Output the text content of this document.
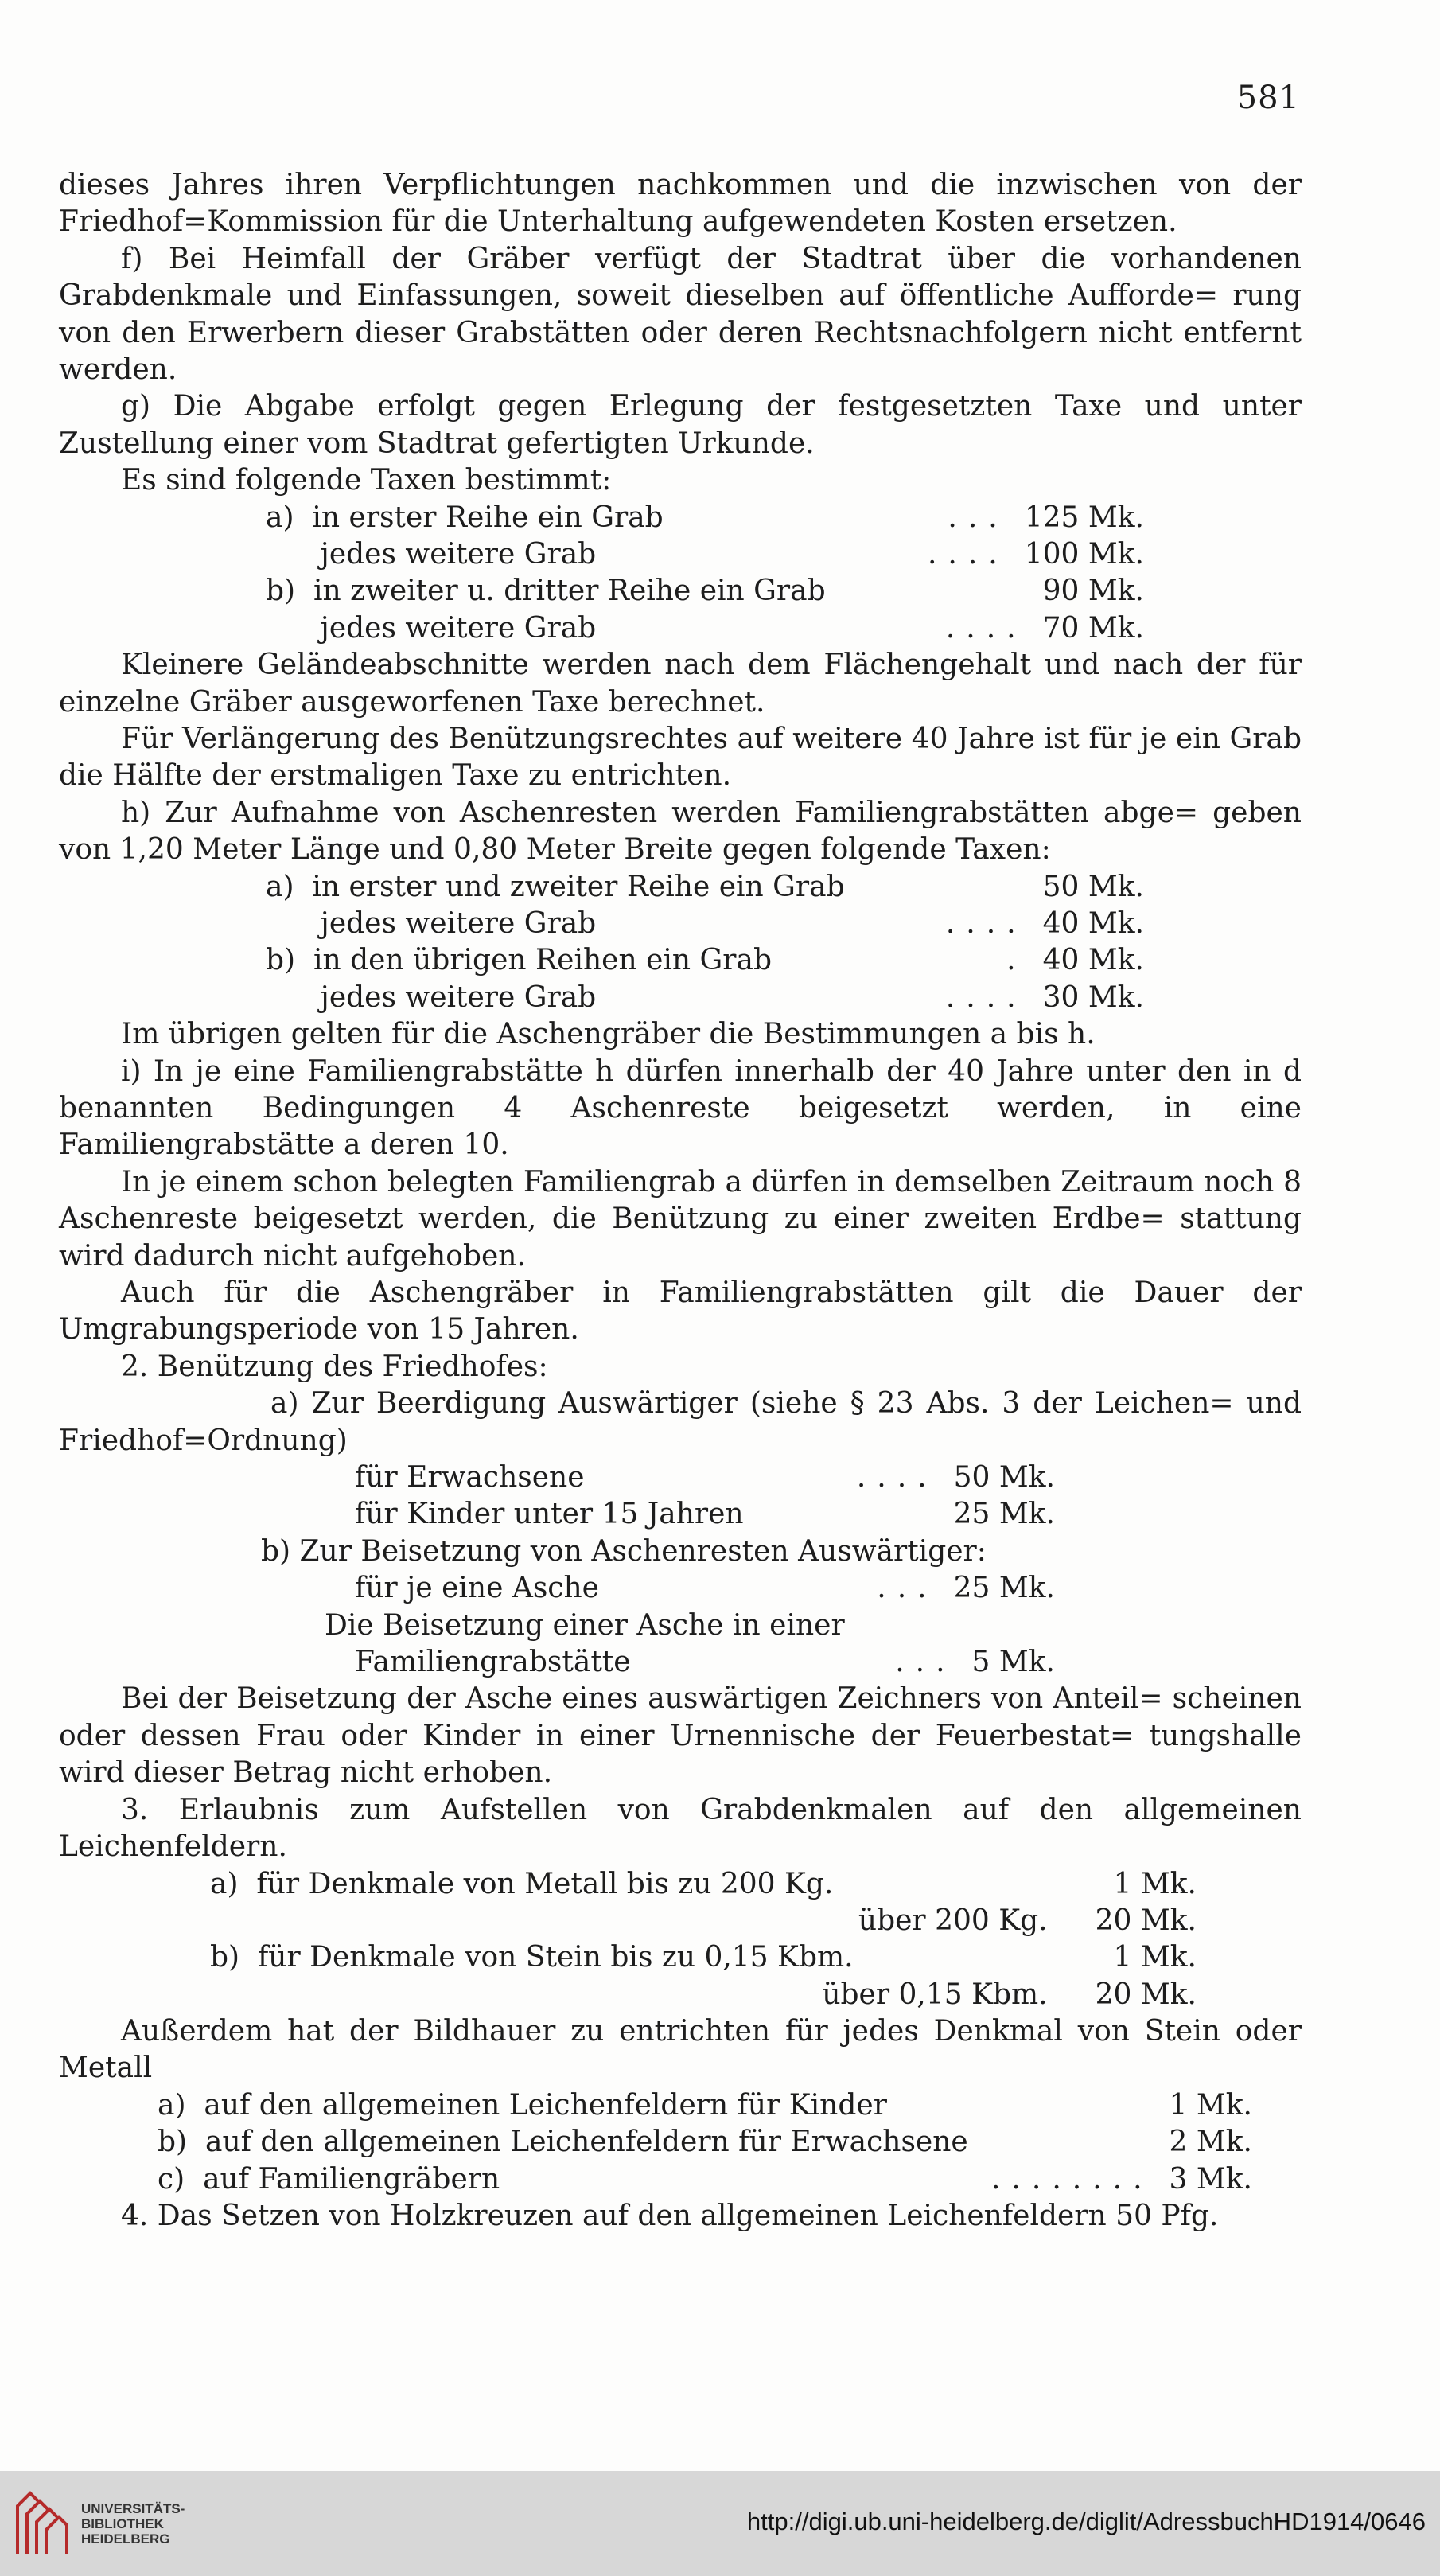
581

dieses Jahres ihren Verpflichtungen nachkommen und die inzwischen von der Friedhof=Kommission für die Unterhaltung aufgewendeten Kosten ersetzen.

f) Bei Heimfall der Gräber verfügt der Stadtrat über die vorhandenen Grabdenkmale und Einfassungen, soweit dieselben auf öffentliche Aufforde= rung von den Erwerbern dieser Grabstätten oder deren Rechtsnachfolgern nicht entfernt werden.

g) Die Abgabe erfolgt gegen Erlegung der festgesetzten Taxe und unter Zustellung einer vom Stadtrat gefertigten Urkunde.

Es sind folgende Taxen bestimmt:

a)  in erster Reihe ein Grab	... 125 Mk.
jedes weitere Grab	.... 100 Mk.
b)  in zweiter u. dritter Reihe ein Grab	90 Mk.
jedes weitere Grab	.... 70 Mk.

Kleinere Geländeabschnitte werden nach dem Flächengehalt und nach der für einzelne Gräber ausgeworfenen Taxe berechnet.

Für Verlängerung des Benützungsrechtes auf weitere 40 Jahre ist für je ein Grab die Hälfte der erstmaligen Taxe zu entrichten.

h) Zur Aufnahme von Aschenresten werden Familiengrabstätten abge= geben von 1,20 Meter Länge und 0,80 Meter Breite gegen folgende Taxen:

a)  in erster und zweiter Reihe ein Grab	50 Mk.
jedes weitere Grab	.... 40 Mk.
b)  in den übrigen Reihen ein Grab	. 40 Mk.
jedes weitere Grab	.... 30 Mk.

Im übrigen gelten für die Aschengräber die Bestimmungen a bis h.

i) In je eine Familiengrabstätte h dürfen innerhalb der 40 Jahre unter den in d benannten Bedingungen 4 Aschenreste beigesetzt werden, in eine Familiengrabstätte a deren 10.

In je einem schon belegten Familiengrab a dürfen in demselben Zeitraum noch 8 Aschenreste beigesetzt werden, die Benützung zu einer zweiten Erdbe= stattung wird dadurch nicht aufgehoben.

Auch für die Aschengräber in Familiengrabstätten gilt die Dauer der Umgrabungsperiode von 15 Jahren.

2. Benützung des Friedhofes:

a) Zur Beerdigung Auswärtiger (siehe § 23 Abs. 3 der Leichen= und Friedhof=Ordnung)

für Erwachsene	.... 50 Mk.
für Kinder unter 15 Jahren	25 Mk.

b) Zur Beisetzung von Aschenresten Auswärtiger:

für je eine Asche	... 25 Mk.

Die Beisetzung einer Asche in einer

Familiengrabstätte	... 5 Mk.

Bei der Beisetzung der Asche eines auswärtigen Zeichners von Anteil= scheinen oder dessen Frau oder Kinder in einer Urnennische der Feuerbestat= tungshalle wird dieser Betrag nicht erhoben.

3. Erlaubnis zum Aufstellen von Grabdenkmalen auf den allgemeinen Leichenfeldern.

a)  für Denkmale von Metall bis zu 200 Kg.	1 Mk.
über 200 Kg.	20 Mk.
b)  für Denkmale von Stein bis zu 0,15 Kbm.	1 Mk.
über 0,15 Kbm.	20 Mk.

Außerdem hat der Bildhauer zu entrichten für jedes Denkmal von Stein oder Metall

a)  auf den allgemeinen Leichenfeldern für Kinder	1 Mk.
b)  auf den allgemeinen Leichenfeldern für Erwachsene	2 Mk.
c)  auf Familiengräbern	........ 3 Mk.

4. Das Setzen von Holzkreuzen auf den allgemeinen Leichenfeldern 50 Pfg.

UNIVERSITÄTS-
BIBLIOTHEK
HEIDELBERG
http://digi.ub.uni-heidelberg.de/diglit/AdressbuchHD1914/0646
